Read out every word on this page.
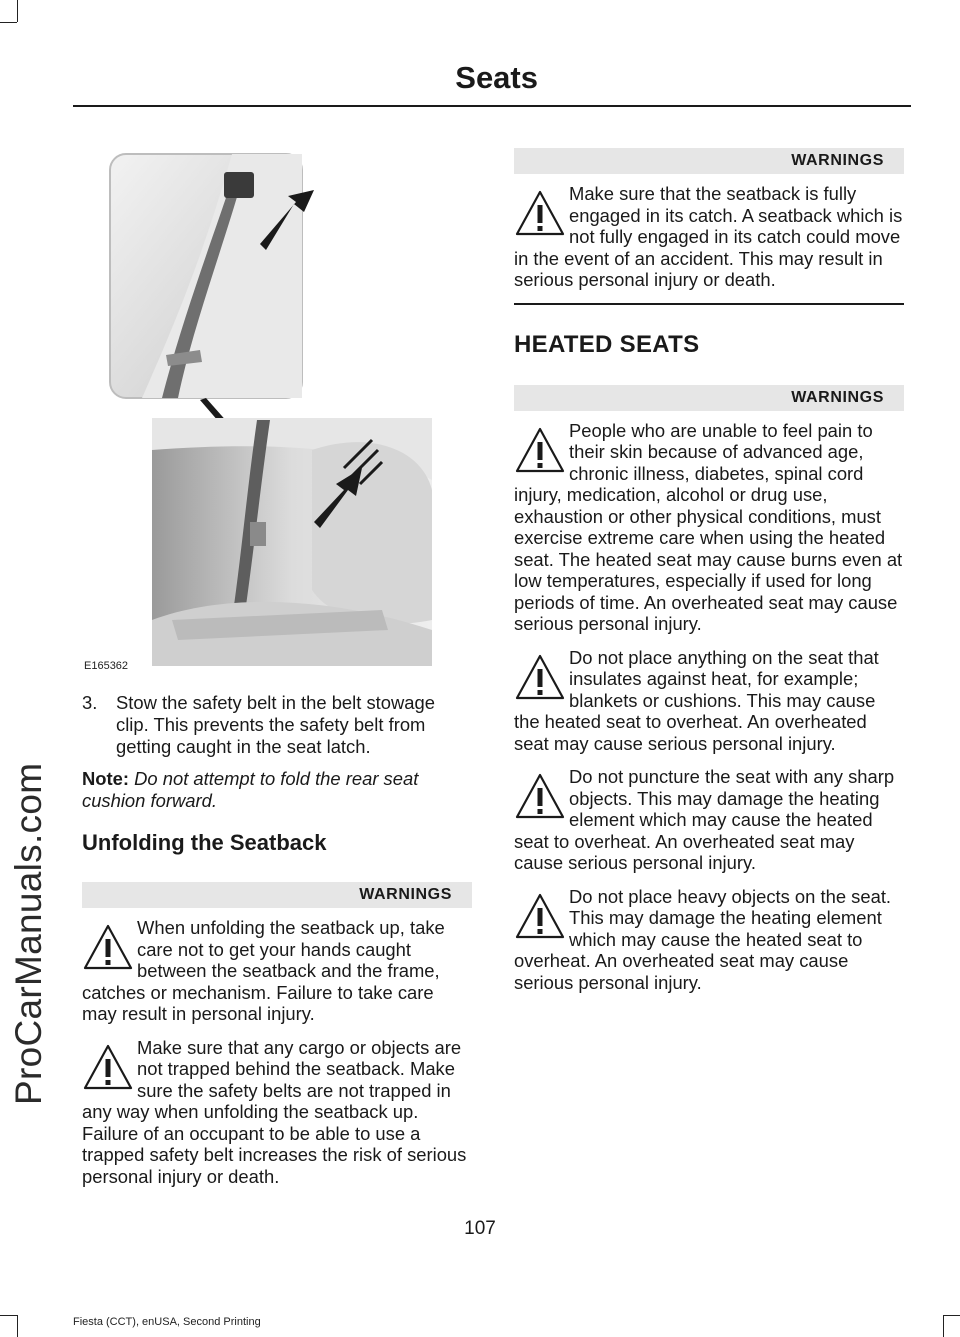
ProCarManuals.com
Seats
E165362
3.	Stow the safety belt in the belt stowage clip. This prevents the safety belt from getting caught in the seat latch.
Note: Do not attempt to fold the rear seat cushion forward.
Unfolding the Seatback
WARNINGS
When unfolding the seatback up, take care not to get your hands caught between the seatback and the frame, catches or mechanism. Failure to take care may result in personal injury.
Make sure that any cargo or objects are not trapped behind the seatback. Make sure the safety belts are not trapped in any way when unfolding the seatback up. Failure of an occupant to be able to use a trapped safety belt increases the risk of serious personal injury or death.
WARNINGS
Make sure that the seatback is fully engaged in its catch. A seatback which is not fully engaged in its catch could move in the event of an accident. This may result in serious personal injury or death.
HEATED SEATS
WARNINGS
People who are unable to feel pain to their skin because of advanced age, chronic illness, diabetes, spinal cord injury, medication, alcohol or drug use, exhaustion or other physical conditions, must exercise extreme care when using the heated seat. The heated seat may cause burns even at low temperatures, especially if used for long periods of time. An overheated seat may cause serious personal injury.
Do not place anything on the seat that insulates against heat, for example; blankets or cushions. This may cause the heated seat to overheat. An overheated seat may cause serious personal injury.
Do not puncture the seat with any sharp objects. This may damage the heating element which may cause the heated seat to overheat. An overheated seat may cause serious personal injury.
Do not place heavy objects on the seat. This may damage the heating element which may cause the heated seat to overheat. An overheated seat may cause serious personal injury.
107
Fiesta (CCT), enUSA, Second Printing
